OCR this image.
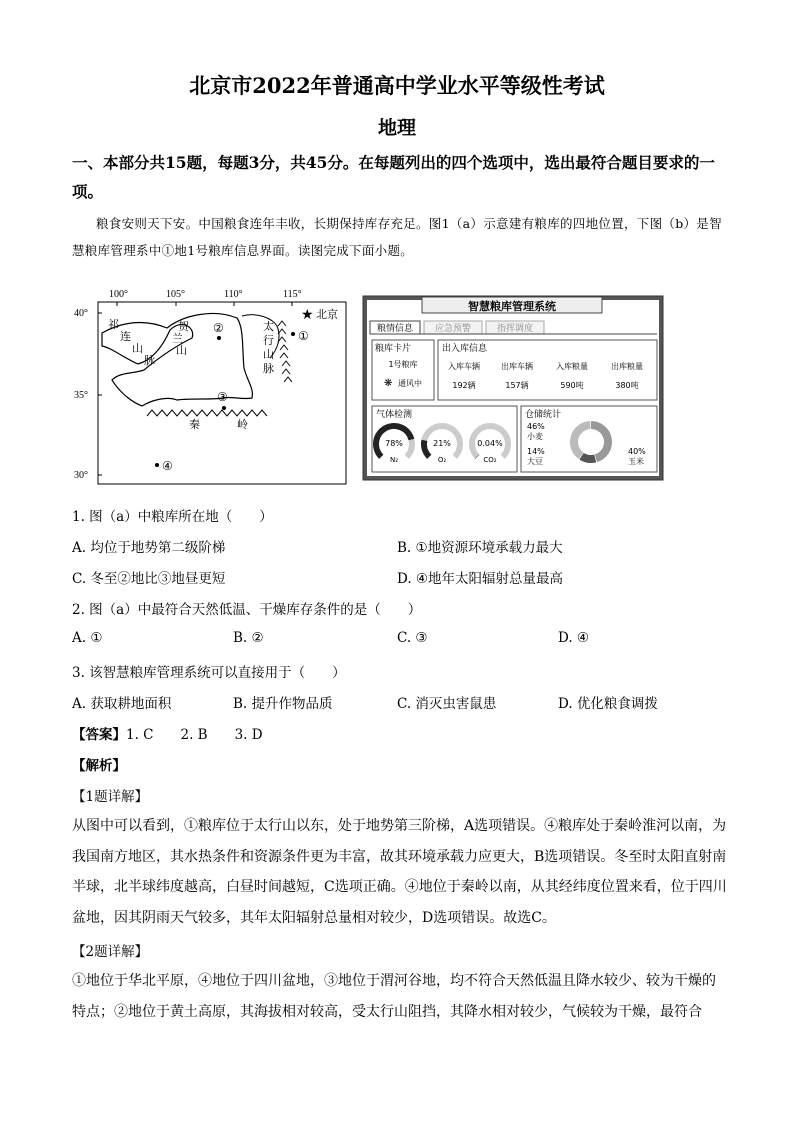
北京市2022年普通高中学业水平等级性考试
地理
一、本部分共15题，每题3分，共45分。在每题列出的四个选项中，选出最符合题目要求的一项。
粮食安则天下安。中国粮食连年丰收，长期保持库存充足。图1（a）示意建有粮库的四地位置，下图（b）是智慧粮库管理系中①地1号粮库信息界面。读图完成下面小题。
100°	105°	110°	115°
40°
35°
30°
祁
连
山
脉
贺
兰
山
太
行
山
脉
秦	岭
★ 北京
①
②
③
④
智慧粮库管理系统
粮情信息 应急预警	指挥调度
粮库卡片
1号粮库
❋ 通风中
出入库信息
入库车辆	出库车辆	入库粮量	出库粮量
192辆	157辆	590吨	380吨
气体检测
78%
N₂
21%
O₂
0.04%
CO₂
仓储统计
46%
小麦
14%
大豆
40%
玉米
1. 图（a）中粮库所在地（　　）
A. 均位于地势第二级阶梯	B. ①地资源环境承载力最大
C. 冬至②地比③地昼更短	D. ④地年太阳辐射总量最高
2. 图（a）中最符合天然低温、干燥库存条件的是（　　）
A. ①	B. ②	C. ③	D. ④
3. 该智慧粮库管理系统可以直接用于（　　）
A. 获取耕地面积	B. 提升作物品质	C. 消灭虫害鼠患	D. 优化粮食调拨
【答案】1. C　　2. B　　3. D
【解析】
【1题详解】
从图中可以看到，①粮库位于太行山以东，处于地势第三阶梯，A选项错误。④粮库处于秦岭淮河以南，为我国南方地区，其水热条件和资源条件更为丰富，故其环境承载力应更大，B选项错误。冬至时太阳直射南半球，北半球纬度越高，白昼时间越短，C选项正确。④地位于秦岭以南，从其经纬度位置来看，位于四川盆地，因其阴雨天气较多，其年太阳辐射总量相对较少，D选项错误。故选C。
【2题详解】
①地位于华北平原，④地位于四川盆地，③地位于渭河谷地，均不符合天然低温且降水较少、较为干燥的特点；②地位于黄土高原，其海拔相对较高，受太行山阻挡，其降水相对较少，气候较为干燥，最符合
